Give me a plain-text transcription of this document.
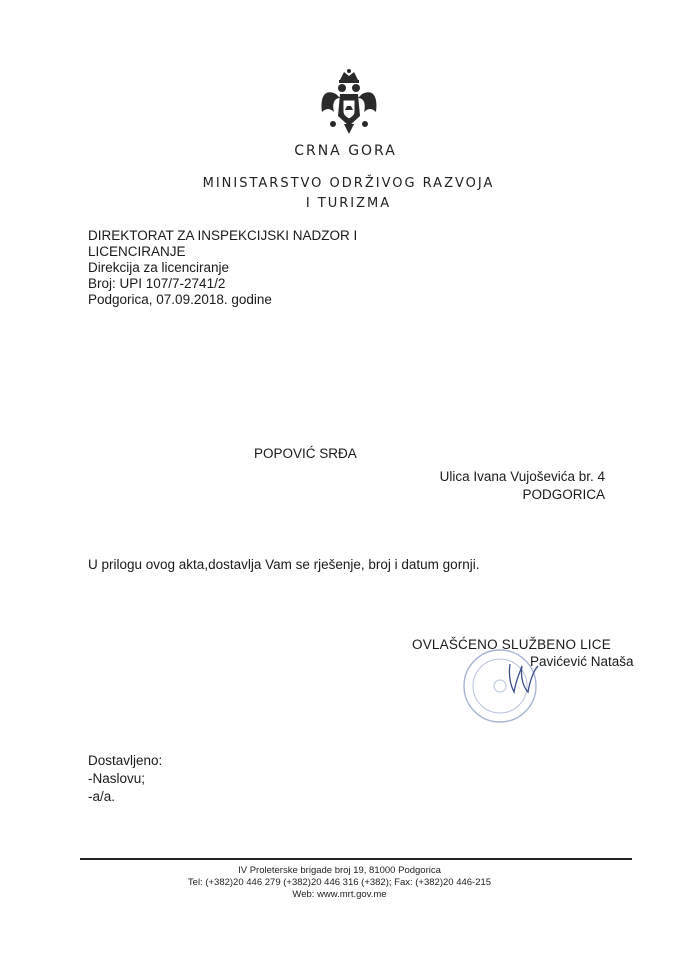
CRNA GORA
MINISTARSTVO ODRŽIVOG RAZVOJA
I TURIZMA
DIREKTORAT ZA INSPEKCIJSKI NADZOR I
LICENCIRANJE
Direkcija za licenciranje
Broj: UPI 107/7-2741/2
Podgorica, 07.09.2018. godine
POPOVIĆ SRĐA
Ulica Ivana Vujoševića br. 4
PODGORICA
U prilogu ovog akta,dostavlja Vam se rješenje, broj i datum gornji.
OVLAŠĆENO SLUŽBENO LICE
Pavićević Nataša
Dostavljeno:
-Naslovu;
-a/a.
IV Proleterske brigade broj 19, 81000 Podgorica
Tel: (+382)20 446 279 (+382)20 446 316 (+382); Fax: (+382)20 446-215
Web: www.mrt.gov.me
